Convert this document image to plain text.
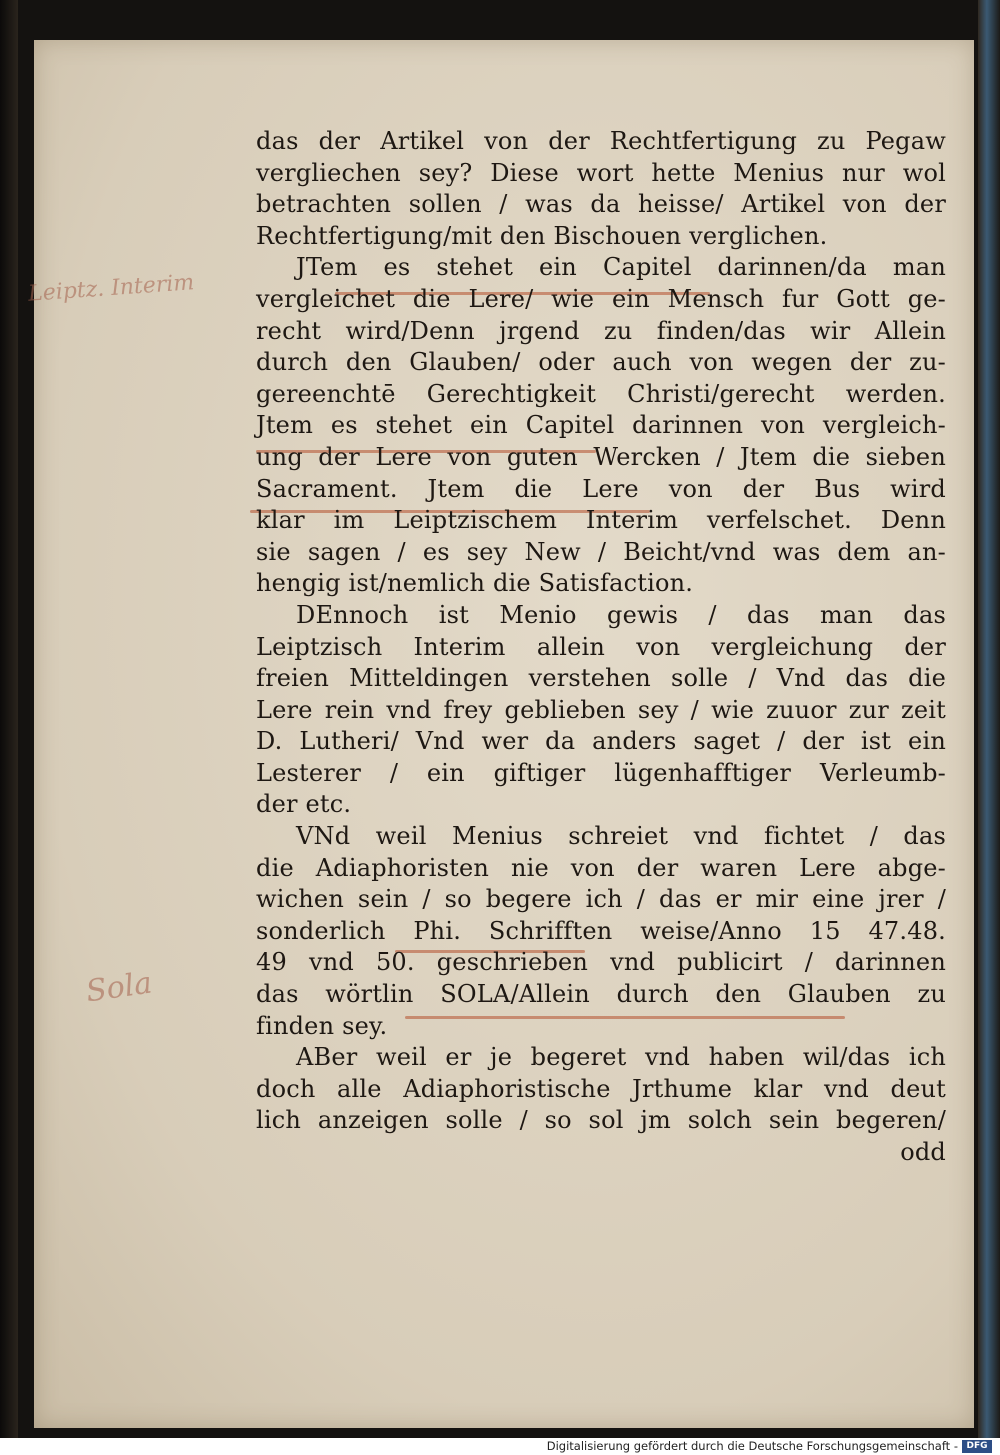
Leiptz. Interim
Sola
das der Artikel von der Rechtfertigung zu Pegaw
vergliechen sey? Diese wort hette Menius nur wol
betrachten sollen / was da heisse/ Artikel von der
Rechtfertigung/mit den Bischouen verglichen.
JTem es stehet ein Capitel darinnen/da man
vergleichet die Lere/ wie ein Mensch fur Gott ge-
recht wird/Denn jrgend zu finden/das wir Allein
durch den Glauben/ oder auch von wegen der zu-
gereenchtē Gerechtigkeit Christi/gerecht werden.
Jtem es stehet ein Capitel darinnen von vergleich-
ung der Lere von guten Wercken / Jtem die sieben
Sacrament. Jtem die Lere von der Bus wird
klar im Leiptzischem Interim verfelschet. Denn
sie sagen / es sey New / Beicht/vnd was dem an-
hengig ist/nemlich die Satisfaction.
DEnnoch ist Menio gewis / das man das
Leiptzisch Interim allein von vergleichung der
freien Mitteldingen verstehen solle / Vnd das die
Lere rein vnd frey geblieben sey / wie zuuor zur zeit
D. Lutheri/ Vnd wer da anders saget / der ist ein
Lesterer / ein giftiger lügenhafftiger Verleumb-
der etc.
VNd weil Menius schreiet vnd fichtet / das
die Adiaphoristen nie von der waren Lere abge-
wichen sein / so begere ich / das er mir eine jrer /
sonderlich Phi. Schrifften weise/Anno 15 47.48.
49 vnd 50. geschrieben vnd publicirt / darinnen
das wörtlin SOLA/Allein durch den Glauben zu
finden sey.
ABer weil er je begeret vnd haben wil/das ich
doch alle Adiaphoristische Jrthume klar vnd deut
lich anzeigen solle / so sol jm solch sein begeren/
odd
Digitalisierung gefördert durch die Deutsche Forschungsgemeinschaft - DFG
